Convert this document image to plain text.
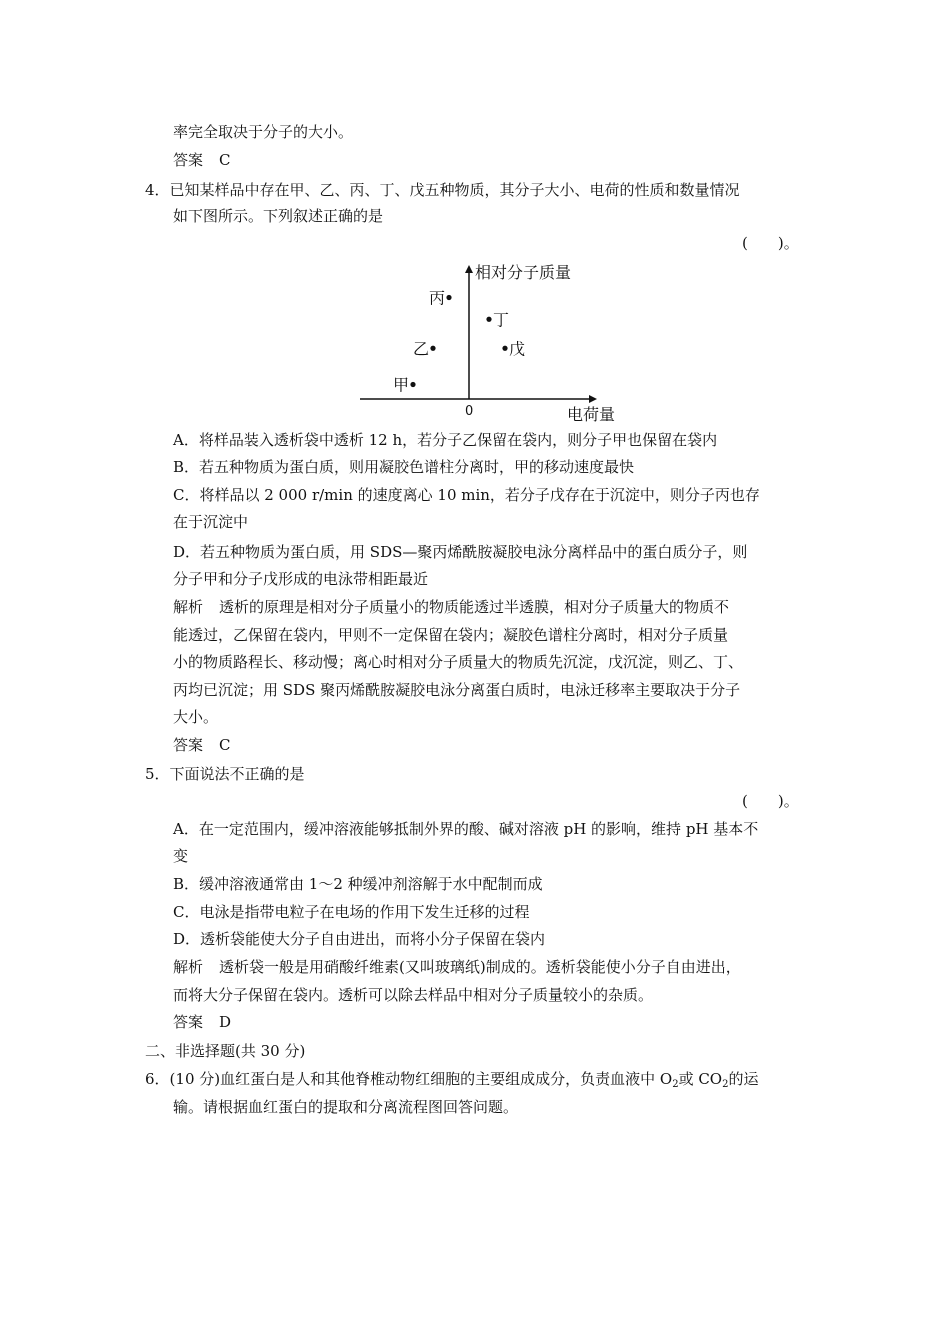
率完全取决于分子的大小。
答案 C
4．已知某样品中存在甲、乙、丙、丁、戊五种物质，其分子大小、电荷的性质和数量情况
如下图所示。下列叙述正确的是
(　　)。
相对分子质量
电荷量
0
丙
丁
乙	戊
甲
A．将样品装入透析袋中透析 12 h，若分子乙保留在袋内，则分子甲也保留在袋内
B．若五种物质为蛋白质，则用凝胶色谱柱分离时，甲的移动速度最快
C．将样品以 2 000 r/min 的速度离心 10 min，若分子戊存在于沉淀中，则分子丙也存
在于沉淀中
D．若五种物质为蛋白质，用 SDS—聚丙烯酰胺凝胶电泳分离样品中的蛋白质分子，则
分子甲和分子戊形成的电泳带相距最近
解析 透析的原理是相对分子质量小的物质能透过半透膜，相对分子质量大的物质不
能透过，乙保留在袋内，甲则不一定保留在袋内；凝胶色谱柱分离时，相对分子质量
小的物质路程长、移动慢；离心时相对分子质量大的物质先沉淀，戊沉淀，则乙、丁、
丙均已沉淀；用 SDS 聚丙烯酰胺凝胶电泳分离蛋白质时，电泳迁移率主要取决于分子
大小。
答案 C
5．下面说法不正确的是
(　　)。
A．在一定范围内，缓冲溶液能够抵制外界的酸、碱对溶液 pH 的影响，维持 pH 基本不
变
B．缓冲溶液通常由 1～2 种缓冲剂溶解于水中配制而成
C．电泳是指带电粒子在电场的作用下发生迁移的过程
D．透析袋能使大分子自由进出，而将小分子保留在袋内
解析 透析袋一般是用硝酸纤维素(又叫玻璃纸)制成的。透析袋能使小分子自由进出，
而将大分子保留在袋内。透析可以除去样品中相对分子质量较小的杂质。
答案 D
二、非选择题(共 30 分)
6．(10 分)血红蛋白是人和其他脊椎动物红细胞的主要组成成分，负责血液中 $O_2$或 $CO_2$的运
输。请根据血红蛋白的提取和分离流程图回答问题。
